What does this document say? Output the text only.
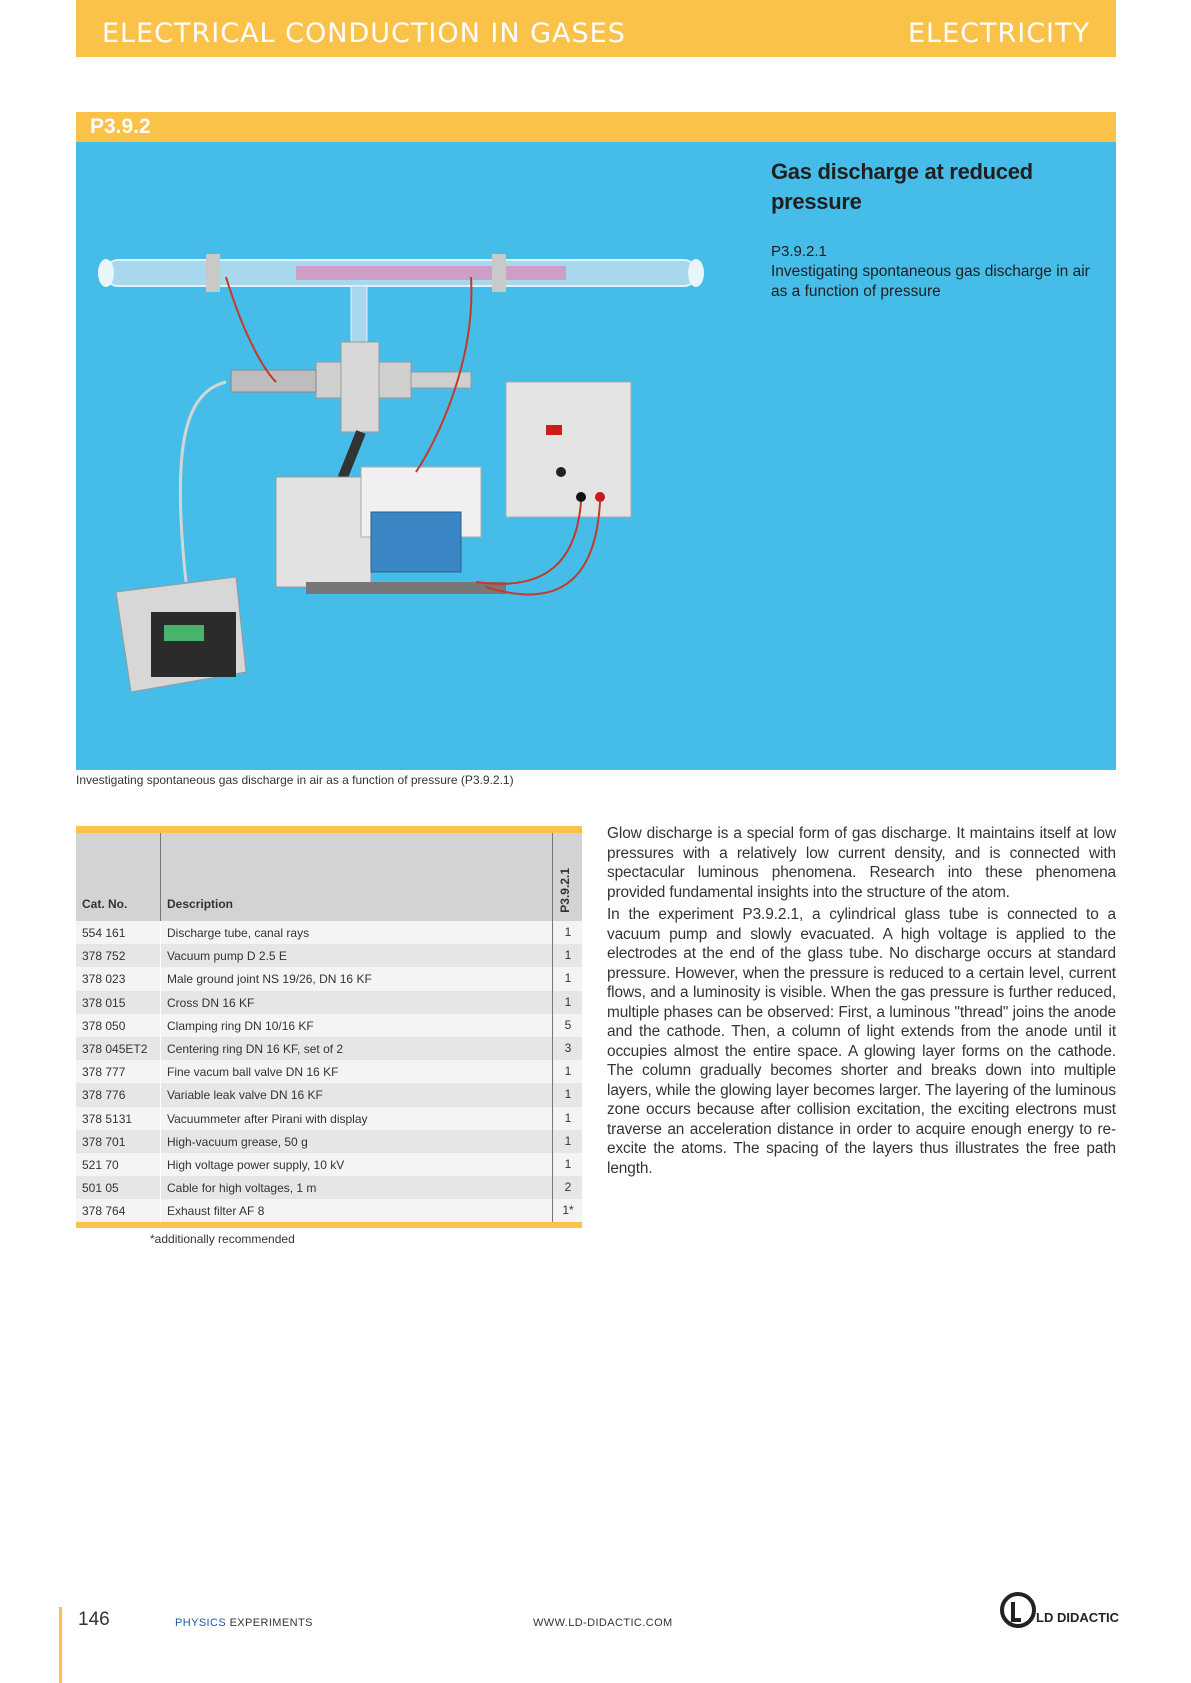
ELECTRICAL CONDUCTION IN GASES	ELECTRICITY
P3.9.2
Gas discharge at reduced pressure
P3.9.2.1
Investigating spontaneous gas discharge in air as a function of pressure
Investigating spontaneous gas discharge in air as a function of pressure (P3.9.2.1)
Cat. No.	Description	P3.9.2.1
554 161	Discharge tube, canal rays	1
378 752	Vacuum pump D 2.5 E	1
378 023	Male ground joint NS 19/26, DN 16 KF	1
378 015	Cross DN 16 KF	1
378 050	Clamping ring DN 10/16 KF	5
378 045ET2 Centering ring DN 16 KF, set of 2	3
378 777	Fine vacum ball valve DN 16 KF	1
378 776	Variable leak valve DN 16 KF	1
378 5131	Vacuummeter after Pirani with display	1
378 701	High-vacuum grease, 50 g	1
521 70	High voltage power supply, 10 kV	1
501 05	Cable for high voltages, 1 m	2
378 764	Exhaust filter AF 8	1*
*additionally recommended

Glow discharge is a special form of gas discharge. It maintains itself at low pressures with a relatively low current density, and is connected with spectacular luminous phenomena. Research into these phenomena provided fundamental insights into the structure of the atom.

In the experiment P3.9.2.1, a cylindrical glass tube is connected to a vacuum pump and slowly evacuated. A high voltage is applied to the electrodes at the end of the glass tube. No discharge occurs at standard pressure. However, when the pressure is reduced to a certain level, current flows, and a luminosity is visible. When the gas pressure is further reduced, multiple phases can be observed: First, a luminous "thread" joins the anode and the cathode. Then, a column of light extends from the anode until it occupies almost the entire space. A glowing layer forms on the cathode. The column gradually becomes shorter and breaks down into multiple layers, while the glowing layer becomes larger. The layering of the luminous zone occurs because after collision excitation, the exciting electrons must traverse an acceleration distance in order to acquire enough energy to re-excite the atoms. The spacing of the layers thus illustrates the free path length.

146	PHYSICS EXPERIMENTS	WWW.LD-DIDACTIC.COM	LD DIDACTIC
